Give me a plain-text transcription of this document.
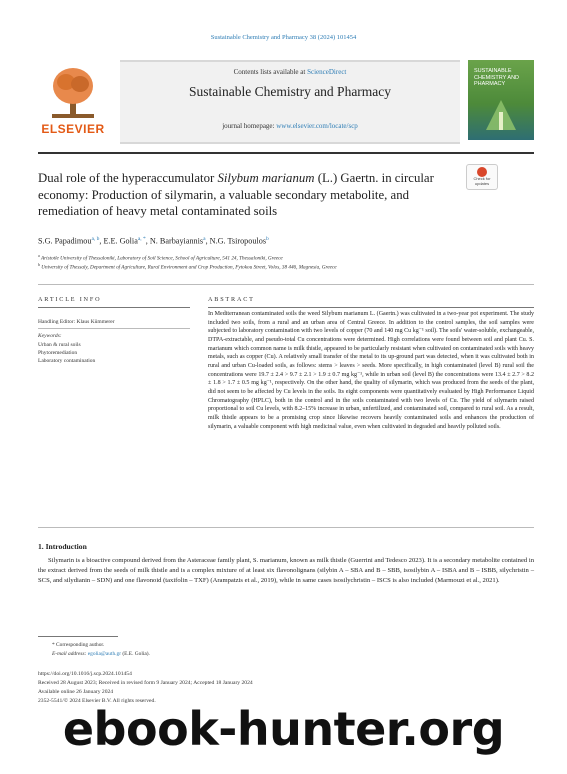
Sustainable Chemistry and Pharmacy 38 (2024) 101454
ELSEVIER
Contents lists available at ScienceDirect
Sustainable Chemistry and Pharmacy
journal homepage: www.elsevier.com/locate/scp
SUSTAINABLE CHEMISTRY AND PHARMACY
Dual role of the hyperaccumulator Silybum marianum (L.) Gaertn. in circular economy: Production of silymarin, a valuable secondary metabolite, and remediation of heavy metal contaminated soils
Check for
updates
S.G. Papadimou$^{a, b}$, E.E. Golia$^{a, *}$, N. Barbayiannis$^a$, N.G. Tsiropoulos$^b$
$^a$ Aristotle University of Thessaloniki, Laboratory of Soil Science, School of Agriculture, 541 24, Thessaloniki, Greece
$^b$ University of Thessaly, Department of Agriculture, Rural Environment and Crop Production, Fytokou Street, Volos, 38 446, Magnesia, Greece
ARTICLE INFO
Handling Editor: Klaus Kümmerer
Keywords:
Urban & rural soils
Phytoremediation
Laboratory contamination
ABSTRACT
In Mediterranean contaminated soils the weed Silybum marianum L. (Gaertn.) was cultivated in a two-year pot experiment. The study included two soils, from a rural and an urban area of Central Greece. In addition to the control samples, the soil samples were subjected to laboratory contamination with two levels of copper (70 and 140 mg Cu kg⁻¹ soil). The soils' water-soluble, exchangeable, DTPA-extractable, and pseudo-total Cu concentrations were determined. High correlations were found between soil and plant Cu. S. marianum which common name is milk thistle, appeared to be particularly resistant when cultivated on contaminated soils with heavy metals, such as copper (Cu). A relatively small transfer of the metal to its up-ground part was detected, when it was cultivated both in rural and urban Cu-loaded soils, as follows: stems > leaves > seeds. More specifically, in high contaminated (level B) rural soil the concentrations were 19.7 ± 2.4 > 9.7 ± 2.1 > 1.9 ± 0.7 mg kg⁻¹, while in urban soil (level B) the concentrations were 13.4 ± 2.7 > 8.2 ± 1.8 > 1.7 ± 0.5 mg kg⁻¹, respectively. On the other hand, the quality of silymarin, which was produced from the seeds of the plant, did not seem to be affected by Cu levels in the soils. Its eight components were quantitatively evaluated by High Performance Liquid Chromatography (HPLC), both in the control and in the soils contaminated with two levels of Cu. The yield of silymarin raised proportional to soil Cu levels, with 8.2–15% increase in urban, unfertilized, and contaminated soil, compared to rural soil. As a result, milk thistle appears to be a promising crop since likewise recovers heavily contaminated soils and enhances the production of silymarin, a valuable component with high medicinal value, even when cultivated in degraded and heavily polluted soils.
1. Introduction
Silymarin is a bioactive compound derived from the Asteraceae family plant, S. marianum, known as milk thistle (Guerrini and Tedesco 2023). It is a secondary metabolite contained in the extract derived from the seeds of milk thistle and is a complex mixture of at least six flavonolignans (silybin A – SBA and B – SBB, isosilybin A – ISBA and B – ISBB, silychristin – SCS, and silydianin – SDN) and one flavonoid (taxifolin – TXF) (Arampatzis et al., 2019), while in same cases isosilychristin – ISCS is also included (Marmouzi et al., 2021).
* Corresponding author.
E-mail address: egolia@auth.gr (E.E. Golia).
https://doi.org/10.1016/j.scp.2024.101454
Received 28 August 2023; Received in revised form 9 January 2024; Accepted 18 January 2024
Available online 26 January 2024
2352-5541/© 2024 Elsevier B.V. All rights reserved.
ebook-hunter.org
